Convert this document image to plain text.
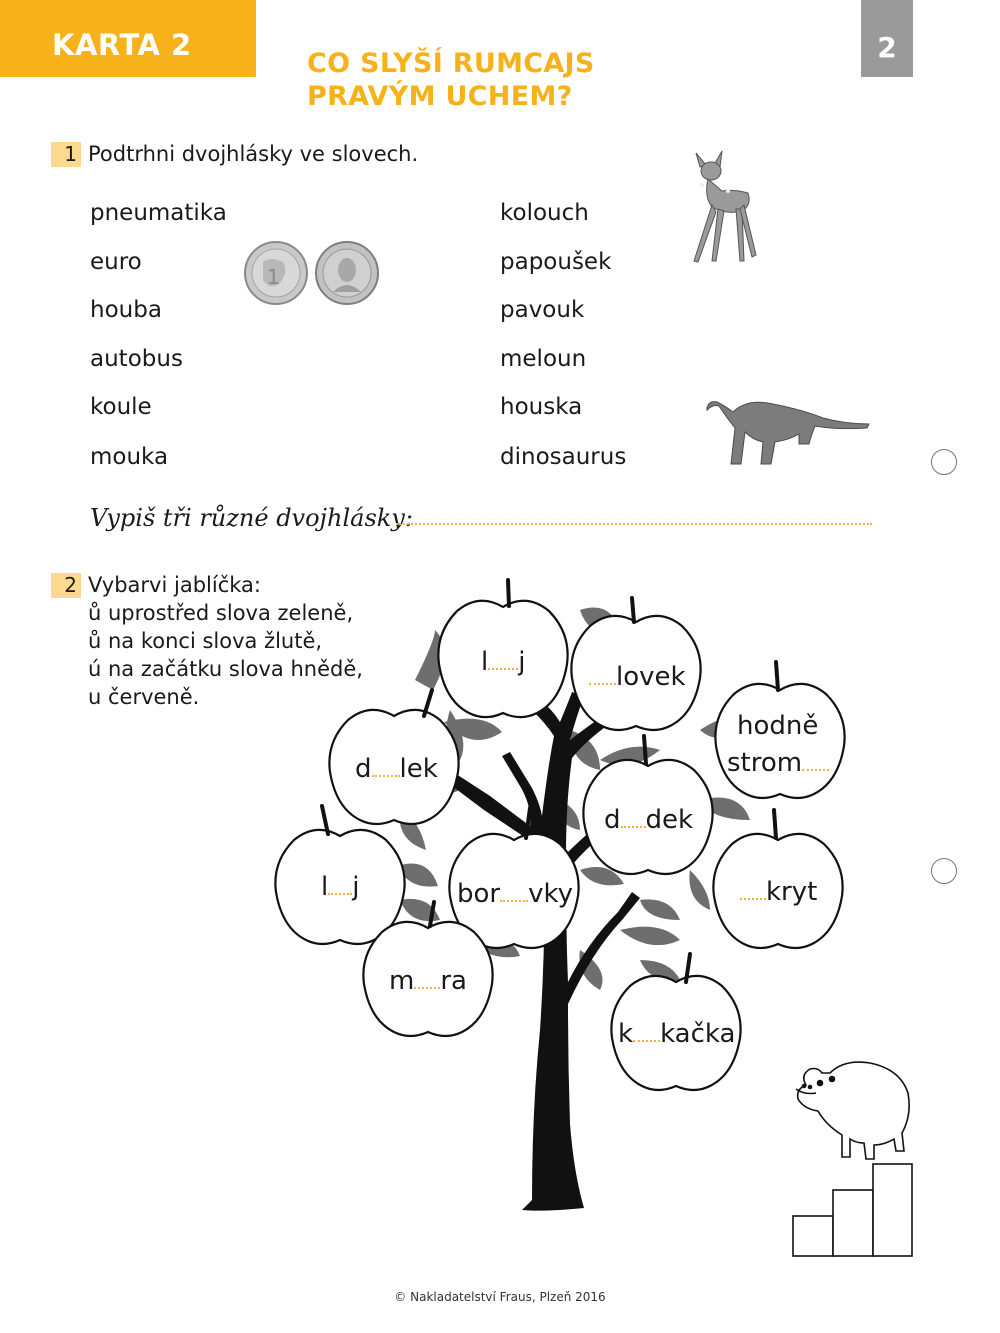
KARTA 2	2
CO SLYŠÍ RUMCAJS
PRAVÝM UCHEM?
1 Podtrhni dvojhlásky ve slovech.
pneumatika
euro
houba
autobus
koule
mouka
kolouch
papoušek
pavouk
meloun
houska
dinosaurus
1
Vypiš tři různé dvojhlásky:
2 Vybarvi jablíčka:
ů uprostřed slova zeleně,
ů na konci slova žlutě,
ú na začátku slova hnědě,
u červeně.
l j	lovek
hodně
strom
d lek
d dek
l j	bor vky	kryt
m ra
k kačka
© Nakladatelství Fraus, Plzeň 2016
